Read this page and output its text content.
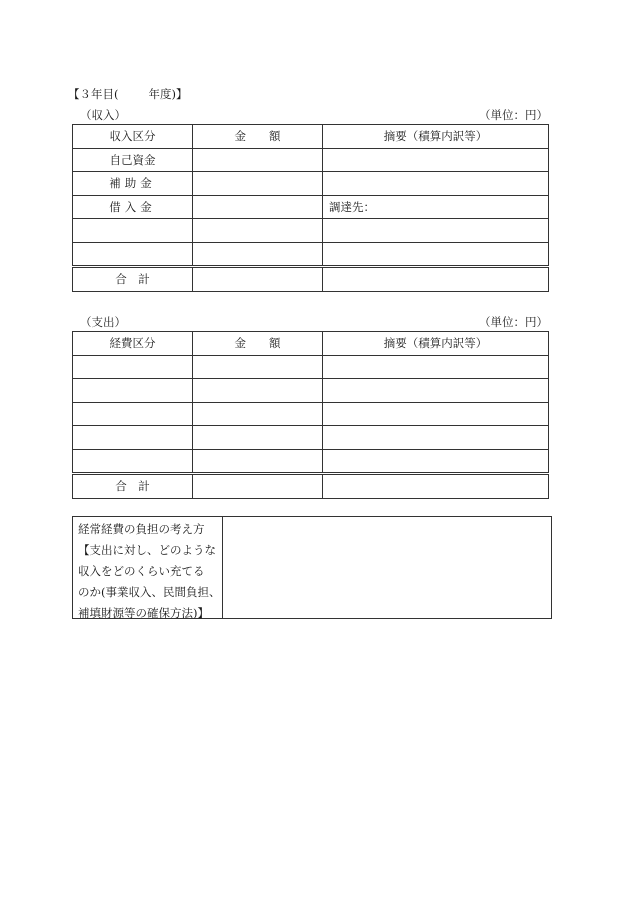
【３年目(	年度)】
（収入）	（単位：円）
収入区分	金　　額	摘要（積算内訳等）
自己資金		
補助金		
借入金		調達先：

合　計		
（支出）	（単位：円）
経費区分	金　　額	摘要（積算内訳等）

合　計		
経常経費の負担の考え方
【支出に対し、どのような
収入をどのくらい充てる
のか(事業収入、民間負担、
補填財源等の確保方法)】
